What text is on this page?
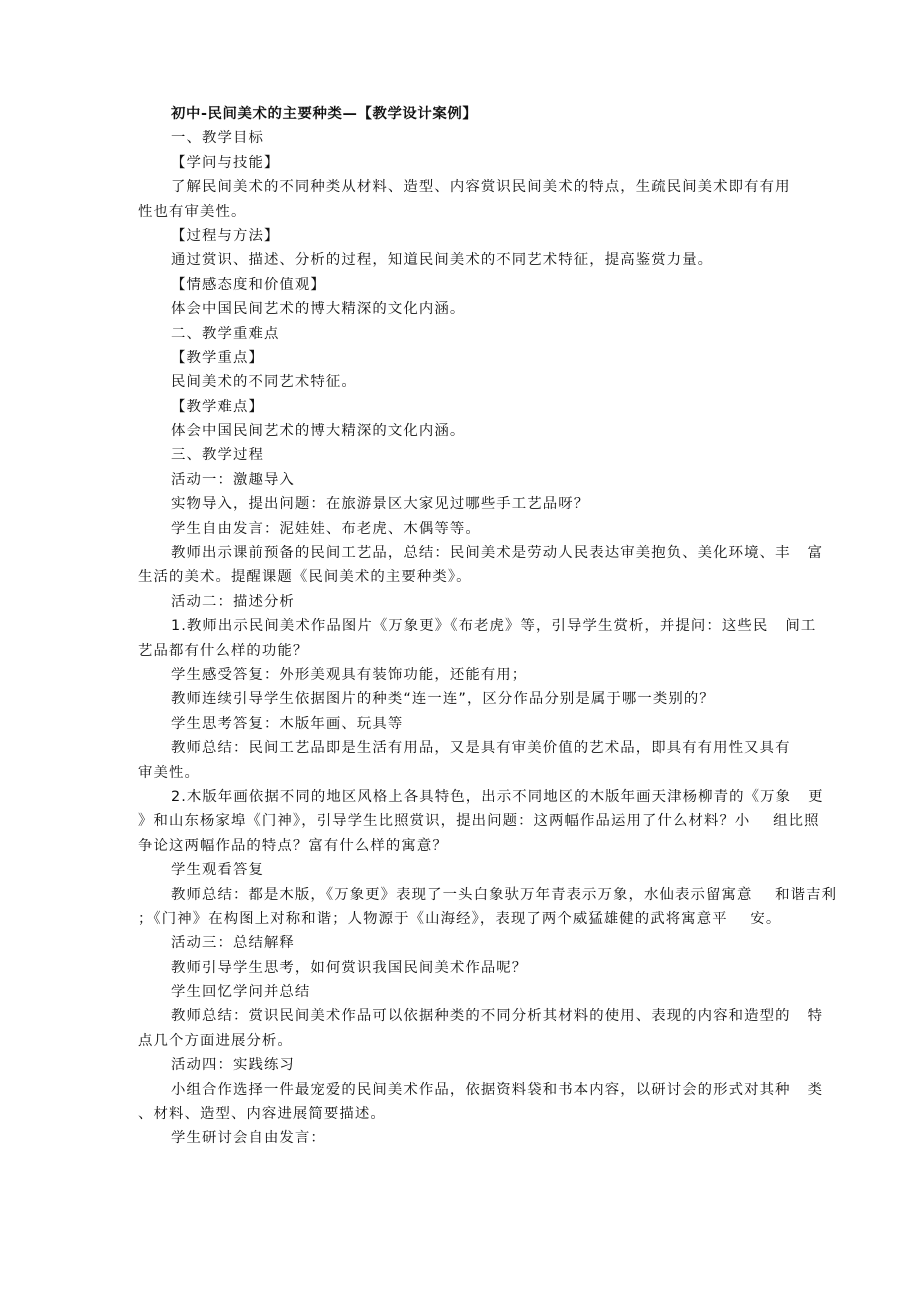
初中-民间美术的主要种类—【教学设计案例】
一、教学目标
【学问与技能】
了解民间美术的不同种类从材料、造型、内容赏识民间美术的特点，生疏民间美术即有有用
性也有审美性。
【过程与方法】
通过赏识、描述、分析的过程，知道民间美术的不同艺术特征，提高鉴赏力量。
【情感态度和价值观】
体会中国民间艺术的博大精深的文化内涵。
二、教学重难点
【教学重点】
民间美术的不同艺术特征。
【教学难点】
体会中国民间艺术的博大精深的文化内涵。
三、教学过程
活动一：激趣导入
实物导入，提出问题：在旅游景区大家见过哪些手工艺品呀？
学生自由发言：泥娃娃、布老虎、木偶等等。
教师出示课前预备的民间工艺品，总结：民间美术是劳动人民表达审美抱负、美化环境、丰   富
生活的美术。提醒课题《民间美术的主要种类》。
活动二：描述分析
1.教师出示民间美术作品图片《万象更》《布老虎》等，引导学生赏析，并提问：这些民   间工
艺品都有什么样的功能？
学生感受答复：外形美观具有装饰功能，还能有用；
教师连续引导学生依据图片的种类“连一连”，区分作品分别是属于哪一类别的？
学生思考答复：木版年画、玩具等
教师总结：民间工艺品即是生活有用品，又是具有审美价值的艺术品，即具有有用性又具有
审美性。
2.木版年画依据不同的地区风格上各具特色，出示不同地区的木版年画天津杨柳青的《万象   更
》和山东杨家埠《门神》，引导学生比照赏识，提出问题：这两幅作品运用了什么材料？小    组比照
争论这两幅作品的特点？富有什么样的寓意？
学生观看答复
教师总结：都是木版，《万象更》表现了一头白象驮万年青表示万象，水仙表示留寓意    和谐吉利
；《门神》在构图上对称和谐；人物源于《山海经》，表现了两个威猛雄健的武将寓意平    安。
活动三：总结解释
教师引导学生思考，如何赏识我国民间美术作品呢？
学生回忆学问并总结
教师总结：赏识民间美术作品可以依据种类的不同分析其材料的使用、表现的内容和造型的   特
点几个方面进展分析。
活动四：实践练习
小组合作选择一件最宠爱的民间美术作品，依据资料袋和书本内容，以研讨会的形式对其种   类
、材料、造型、内容进展简要描述。
学生研讨会自由发言：
